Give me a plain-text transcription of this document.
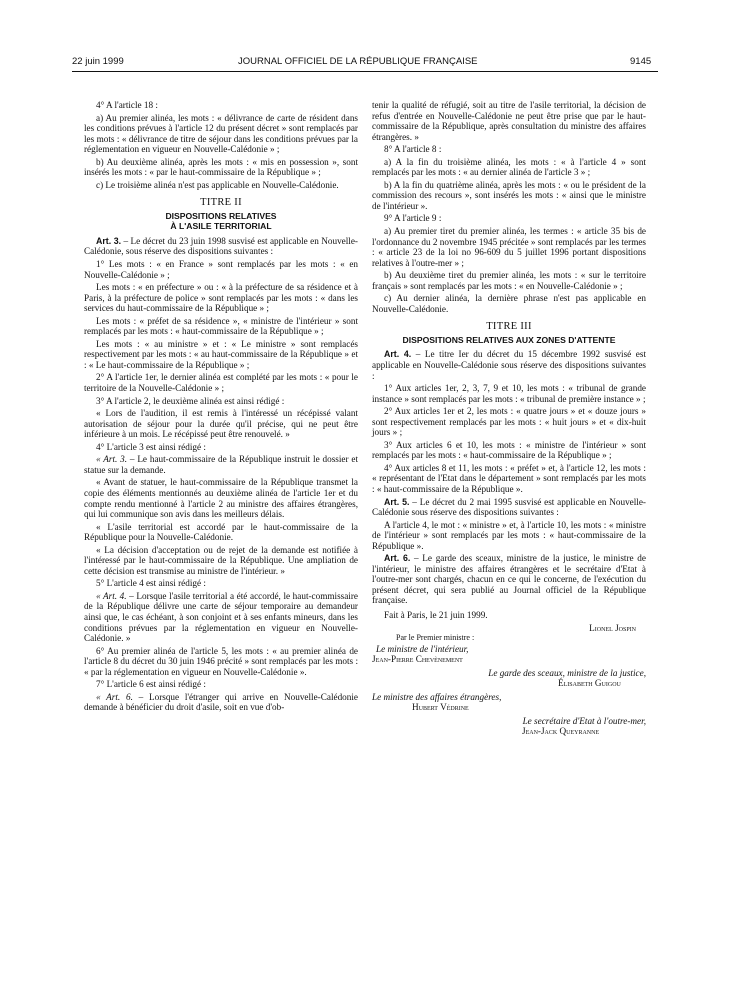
22 juin 1999	JOURNAL OFFICIEL DE LA RÉPUBLIQUE FRANÇAISE	9145

4° A l'article 18 :

a) Au premier alinéa, les mots : « délivrance de carte de résident dans les conditions prévues à l'article 12 du présent décret » sont remplacés par les mots : « délivrance de titre de séjour dans les conditions prévues par la réglementation en vigueur en Nouvelle-Calédonie » ;

b) Au deuxième alinéa, après les mots : « mis en possession », sont insérés les mots : « par le haut-commissaire de la République » ;

c) Le troisième alinéa n'est pas applicable en Nouvelle-Calédonie.

TITRE II

DISPOSITIONS RELATIVES

À L'ASILE TERRITORIAL

Art. 3. – Le décret du 23 juin 1998 susvisé est applicable en Nouvelle-Calédonie, sous réserve des dispositions suivantes :

1° Les mots : « en France » sont remplacés par les mots : « en Nouvelle-Calédonie » ;

Les mots : « en préfecture » ou : « à la préfecture de sa résidence et à Paris, à la préfecture de police » sont remplacés par les mots : « dans les services du haut-commissaire de la République » ;

Les mots : « préfet de sa résidence », « ministre de l'intérieur » sont remplacés par les mots : « haut-commissaire de la République » ;

Les mots : « au ministre » et : « Le ministre » sont remplacés respectivement par les mots : « au haut-commissaire de la République » et : « Le haut-commissaire de la République » ;

2° A l'article 1er, le dernier alinéa est complété par les mots : « pour le territoire de la Nouvelle-Calédonie » ;

3° A l'article 2, le deuxième alinéa est ainsi rédigé :

« Lors de l'audition, il est remis à l'intéressé un récépissé valant autorisation de séjour pour la durée qu'il précise, qui ne peut être inférieure à un mois. Le récépissé peut être renouvelé. »

4° L'article 3 est ainsi rédigé :

« Art. 3. – Le haut-commissaire de la République instruit le dossier et statue sur la demande.

« Avant de statuer, le haut-commissaire de la République transmet la copie des éléments mentionnés au deuxième alinéa de l'article 1er et du compte rendu mentionné à l'article 2 au ministre des affaires étrangères, qui lui communique son avis dans les meilleurs délais.

« L'asile territorial est accordé par le haut-commissaire de la République pour la Nouvelle-Calédonie.

« La décision d'acceptation ou de rejet de la demande est notifiée à l'intéressé par le haut-commissaire de la République. Une ampliation de cette décision est transmise au ministre de l'intérieur. »

5° L'article 4 est ainsi rédigé :

« Art. 4. – Lorsque l'asile territorial a été accordé, le haut-commissaire de la République délivre une carte de séjour temporaire au demandeur ainsi que, le cas échéant, à son conjoint et à ses enfants mineurs, dans les conditions prévues par la réglementation en vigueur en Nouvelle-Calédonie. »

6° Au premier alinéa de l'article 5, les mots : « au premier alinéa de l'article 8 du décret du 30 juin 1946 précité » sont remplacés par les mots : « par la réglementation en vigueur en Nouvelle-Calédonie ».

7° L'article 6 est ainsi rédigé :

« Art. 6. – Lorsque l'étranger qui arrive en Nouvelle-Calédonie demande à bénéficier du droit d'asile, soit en vue d'ob-

tenir la qualité de réfugié, soit au titre de l'asile territorial, la décision de refus d'entrée en Nouvelle-Calédonie ne peut être prise que par le haut-commissaire de la République, après consultation du ministre des affaires étrangères. »

8° A l'article 8 :

a) A la fin du troisième alinéa, les mots : « à l'article 4 » sont remplacés par les mots : « au dernier alinéa de l'article 3 » ;

b) A la fin du quatrième alinéa, après les mots : « ou le président de la commission des recours », sont insérés les mots : « ainsi que le ministre de l'intérieur ».

9° A l'article 9 :

a) Au premier tiret du premier alinéa, les termes : « article 35 bis de l'ordonnance du 2 novembre 1945 précitée » sont remplacés par les termes : « article 23 de la loi no 96-609 du 5 juillet 1996 portant dispositions relatives à l'outre-mer » ;

b) Au deuxième tiret du premier alinéa, les mots : « sur le territoire français » sont remplacés par les mots : « en Nouvelle-Calédonie » ;

c) Au dernier alinéa, la dernière phrase n'est pas applicable en Nouvelle-Calédonie.

TITRE III

DISPOSITIONS RELATIVES AUX ZONES D'ATTENTE

Art. 4. – Le titre Ier du décret du 15 décembre 1992 susvisé est applicable en Nouvelle-Calédonie sous réserve des dispositions suivantes :

1° Aux articles 1er, 2, 3, 7, 9 et 10, les mots : « tribunal de grande instance » sont remplacés par les mots : « tribunal de première instance » ;

2° Aux articles 1er et 2, les mots : « quatre jours » et « douze jours » sont respectivement remplacés par les mots : « huit jours » et « dix-huit jours » ;

3° Aux articles 6 et 10, les mots : « ministre de l'intérieur » sont remplacés par les mots : « haut-commissaire de la République » ;

4° Aux articles 8 et 11, les mots : « préfet » et, à l'article 12, les mots : « représentant de l'Etat dans le département » sont remplacés par les mots : « haut-commissaire de la République ».

Art. 5. – Le décret du 2 mai 1995 susvisé est applicable en Nouvelle-Calédonie sous réserve des dispositions suivantes :

A l'article 4, le mot : « ministre » et, à l'article 10, les mots : « ministre de l'intérieur » sont remplacés par les mots : « haut-commissaire de la République ».

Art. 6. – Le garde des sceaux, ministre de la justice, le ministre de l'intérieur, le ministre des affaires étrangères et le secrétaire d'Etat à l'outre-mer sont chargés, chacun en ce qui le concerne, de l'exécution du présent décret, qui sera publié au Journal officiel de la République française.

Fait à Paris, le 21 juin 1999.

Lionel Jospin

Par le Premier ministre :

Le ministre de l'intérieur,

Jean-Pierre Chevènement

Le garde des sceaux, ministre de la justice,

Élisabeth Guigou

Le ministre des affaires étrangères,

Hubert Védrine

Le secrétaire d'Etat à l'outre-mer,

Jean-Jack Queyranne
